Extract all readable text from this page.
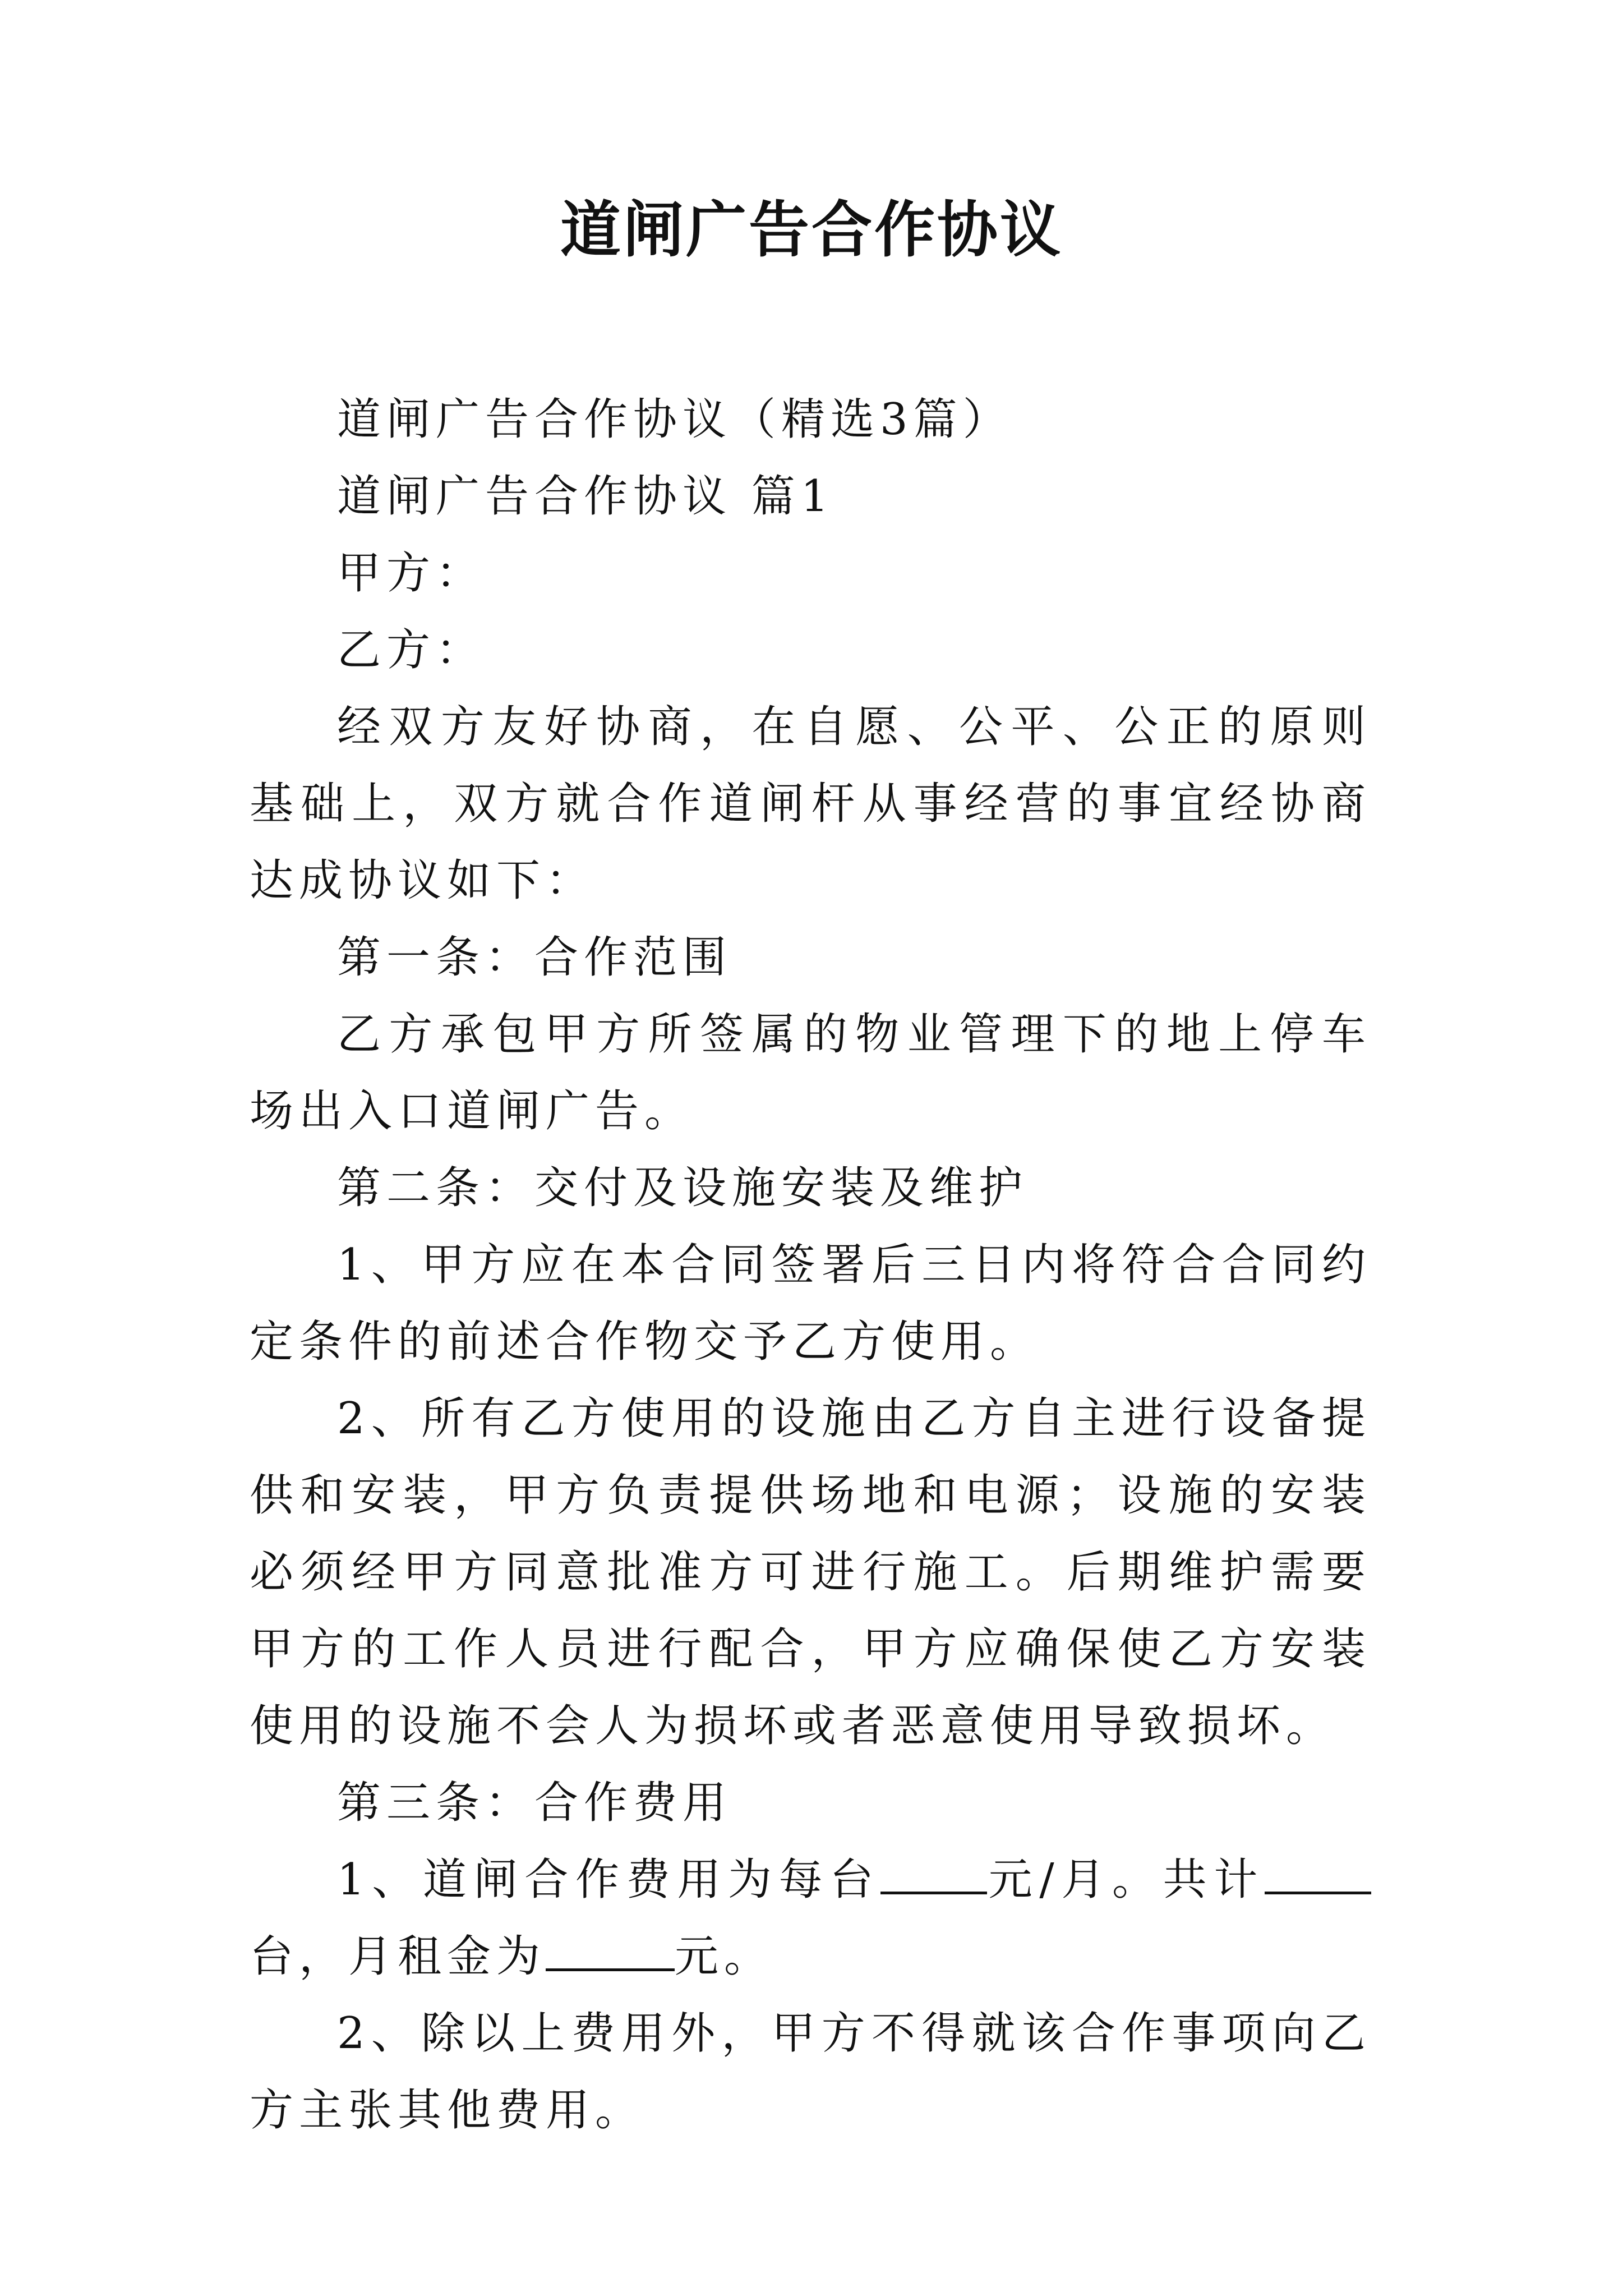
道闸广告合作协议

道闸广告合作协议（精选3篇）

道闸广告合作协议 篇1

甲方：

乙方：

经双方友好协商，在自愿、公平、公正的原则基础上，双方就合作道闸杆从事经营的事宜经协商达成协议如下：

第一条：合作范围

乙方承包甲方所签属的物业管理下的地上停车场出入口道闸广告。

第二条：交付及设施安装及维护

1、甲方应在本合同签署后三日内将符合合同约定条件的前述合作物交予乙方使用。

2、所有乙方使用的设施由乙方自主进行设备提供和安装，甲方负责提供场地和电源；设施的安装必须经甲方同意批准方可进行施工。后期维护需要甲方的工作人员进行配合，甲方应确保使乙方安装使用的设施不会人为损坏或者恶意使用导致损坏。

第三条：合作费用

1、道闸合作费用为每台 元/月。共计台，月租金为	元。

2、除以上费用外，甲方不得就该合作事项向乙方主张其他费用。
